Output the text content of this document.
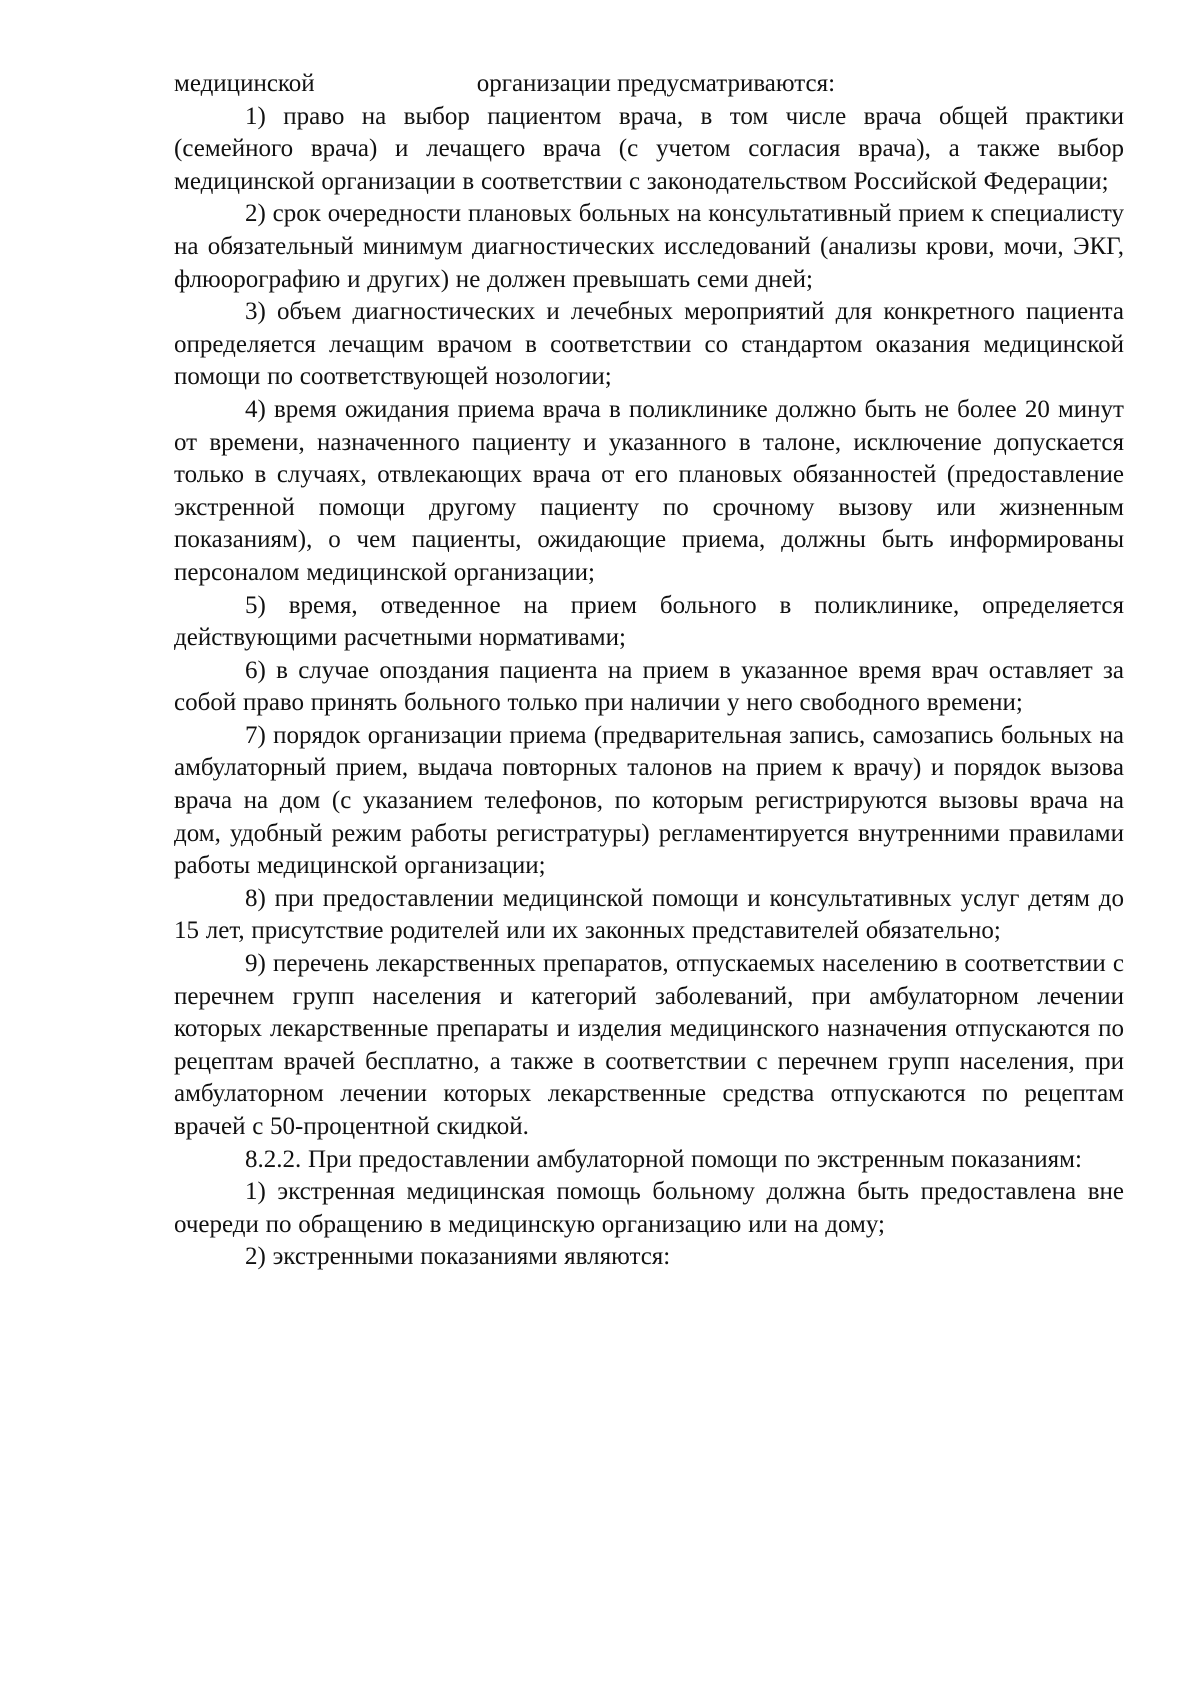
медицинской	организации предусматриваются:

1) право на выбор пациентом врача, в том числе врача общей практики (семейного врача) и лечащего врача (с учетом согласия врача), а также выбор медицинской организации в соответствии с законодательством Российской Федерации;

2) срок очередности плановых больных на консультативный прием к специалисту на обязательный минимум диагностических исследований (анализы крови, мочи, ЭКГ, флюорографию и других) не должен превышать семи дней;

3) объем диагностических и лечебных мероприятий для конкретного пациента определяется лечащим врачом в соответствии со стандартом оказания медицинской помощи по соответствующей нозологии;

4) время ожидания приема врача в поликлинике должно быть не более 20 минут от времени, назначенного пациенту и указанного в талоне, исключение допускается только в случаях, отвлекающих врача от его плановых обязанностей (предоставление экстренной помощи другому пациенту по срочному вызову или жизненным показаниям), о чем пациенты, ожидающие приема, должны быть информированы персоналом медицинской организации;

5) время, отведенное на прием больного в поликлинике, определяется действующими расчетными нормативами;

6) в случае опоздания пациента на прием в указанное время врач оставляет за собой право принять больного только при наличии у него свободного времени;

7) порядок организации приема (предварительная запись, самозапись больных на амбулаторный прием, выдача повторных талонов на прием к врачу) и порядок вызова врача на дом (с указанием телефонов, по которым регистрируются вызовы врача на дом, удобный режим работы регистратуры) регламентируется внутренними правилами работы медицинской организации;

8) при предоставлении медицинской помощи и консультативных услуг детям до 15 лет, присутствие родителей или их законных представителей обязательно;

9) перечень лекарственных препаратов, отпускаемых населению в соответствии с перечнем групп населения и категорий заболеваний, при амбулаторном лечении которых лекарственные препараты и изделия медицинского назначения отпускаются по рецептам врачей бесплатно, а также в соответствии с перечнем групп населения, при амбулаторном лечении которых лекарственные средства отпускаются по рецептам врачей с 50-процентной скидкой.

8.2.2. При предоставлении амбулаторной помощи по экстренным показаниям:

1) экстренная медицинская помощь больному должна быть предоставлена вне очереди по обращению в медицинскую организацию или на дому;

2) экстренными показаниями являются:
